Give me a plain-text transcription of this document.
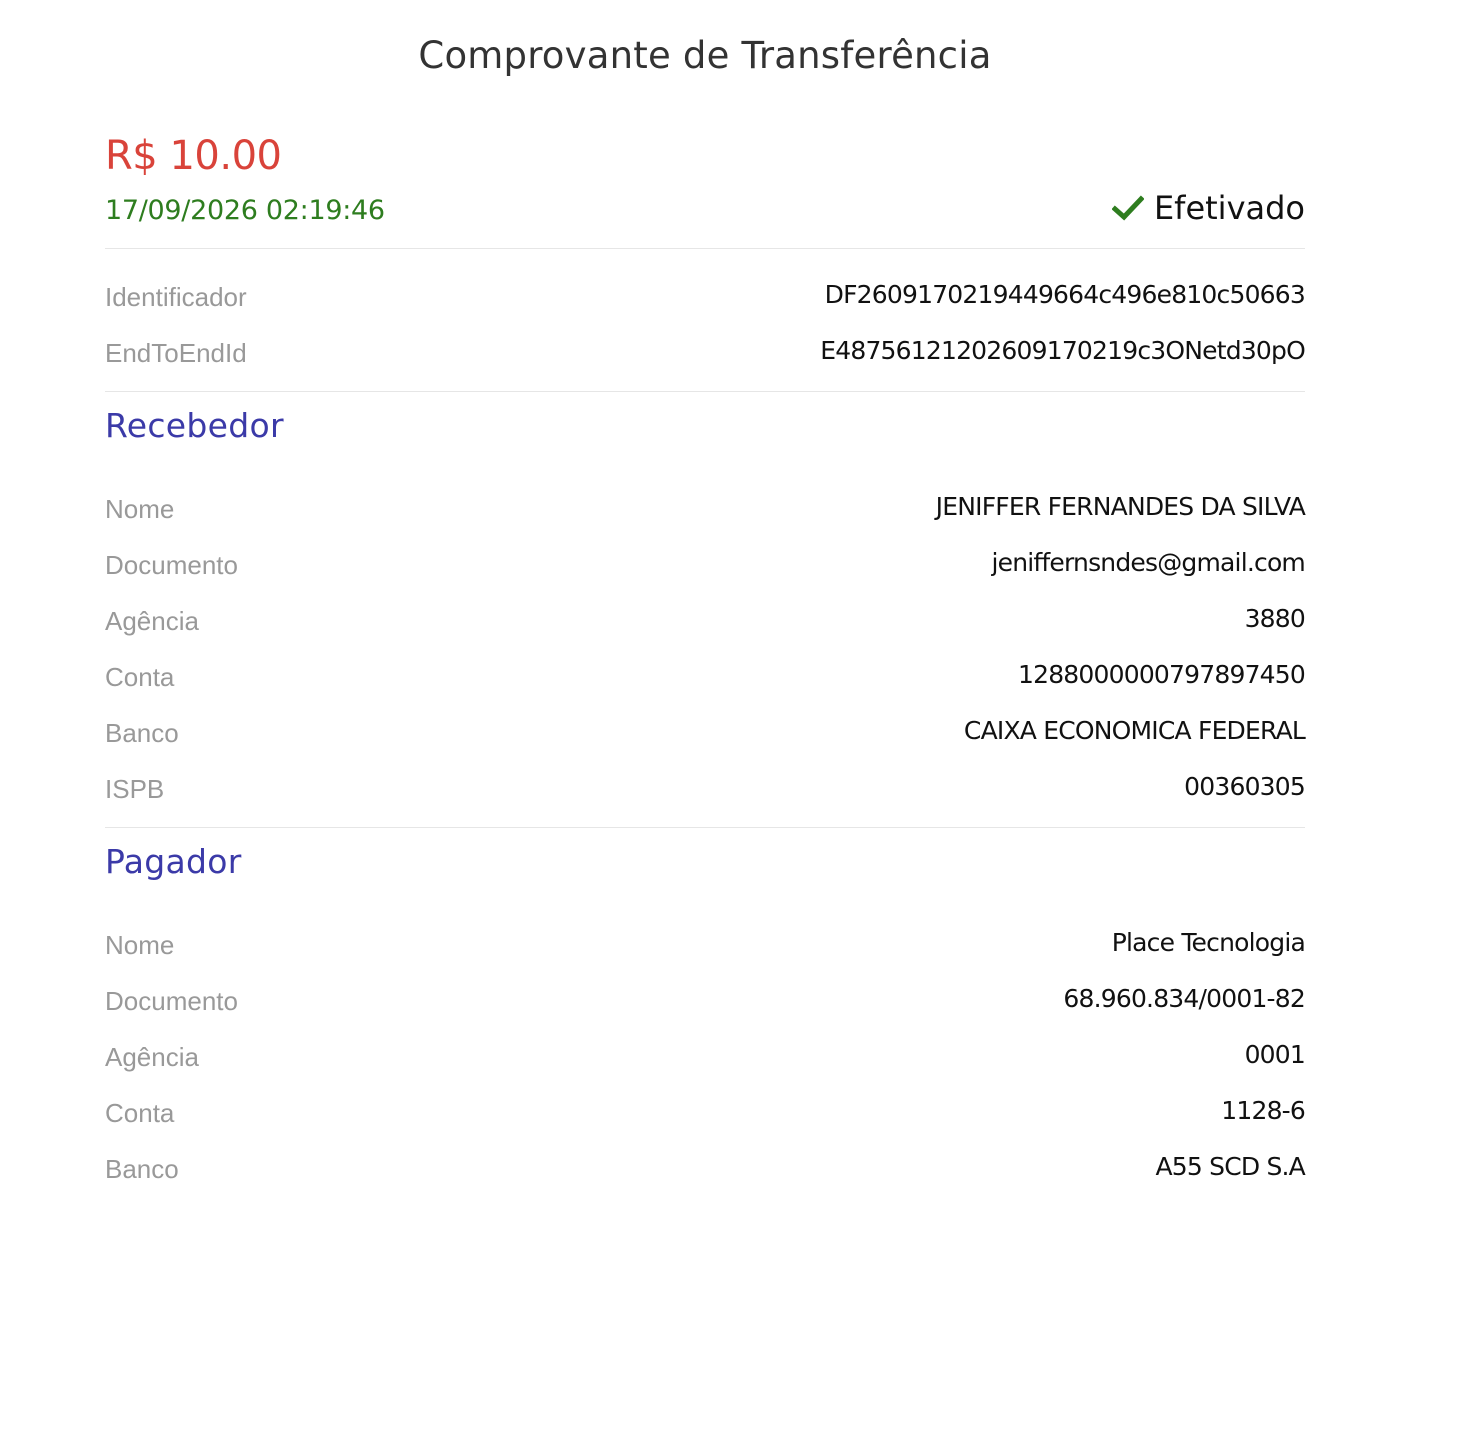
Comprovante de Transferência
R$ 10.00
17/09/2026 02:19:46	Efetivado
Identificador	DF2609170219449664c496e810c50663
EndToEndId	E48756121202609170219c3ONetd30pO
Recebedor
Nome	JENIFFER FERNANDES DA SILVA
Documento	jeniffernsndes@gmail.com
Agência	3880
Conta	1288000000797897450
Banco	CAIXA ECONOMICA FEDERAL
ISPB	00360305
Pagador
Nome	Place Tecnologia
Documento	68.960.834/0001-82
Agência	0001
Conta	1128-6
Banco	A55 SCD S.A
